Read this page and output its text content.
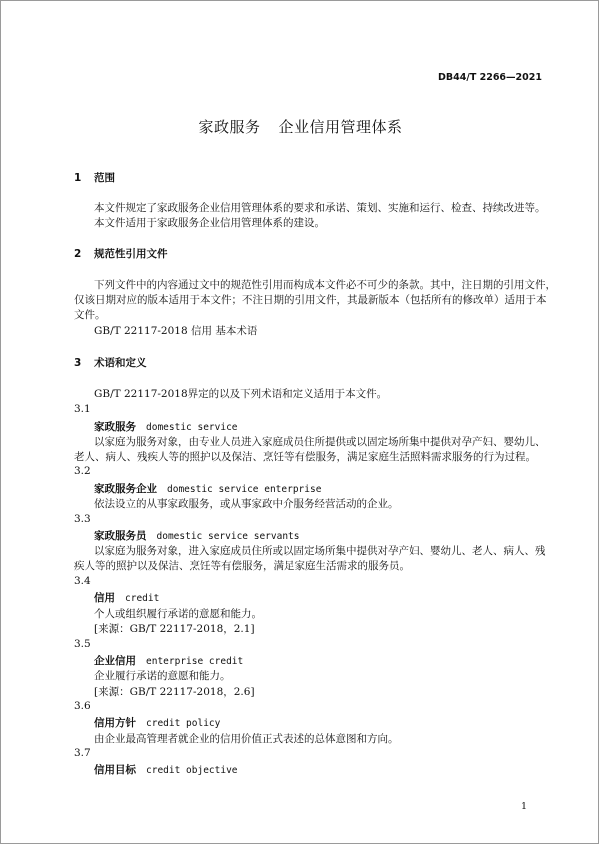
DB44/T 2266—2021
家政服务 企业信用管理体系
1 范围
本文件规定了家政服务企业信用管理体系的要求和承诺、策划、实施和运行、检查、持续改进等。
本文件适用于家政服务企业信用管理体系的建设。
2 规范性引用文件
下列文件中的内容通过文中的规范性引用而构成本文件必不可少的条款。其中，注日期的引用文件，
仅该日期对应的版本适用于本文件；不注日期的引用文件，其最新版本（包括所有的修改单）适用于本
文件。
GB/T 22117-2018 信用 基本术语
3 术语和定义
GB/T 22117-2018界定的以及下列术语和定义适用于本文件。
3.1
家政服务 domestic service
以家庭为服务对象，由专业人员进入家庭成员住所提供或以固定场所集中提供对孕产妇、婴幼儿、
老人、病人、残疾人等的照护以及保洁、烹饪等有偿服务，满足家庭生活照料需求服务的行为过程。
3.2
家政服务企业 domestic service enterprise
依法设立的从事家政服务，或从事家政中介服务经营活动的企业。
3.3
家政服务员 domestic service servants
以家庭为服务对象，进入家庭成员住所或以固定场所集中提供对孕产妇、婴幼儿、老人、病人、残
疾人等的照护以及保洁、烹饪等有偿服务，满足家庭生活需求的服务员。
3.4
信用 credit
个人或组织履行承诺的意愿和能力。
[来源：GB/T 22117-2018，2.1]
3.5
企业信用 enterprise credit
企业履行承诺的意愿和能力。
[来源：GB/T 22117-2018，2.6]
3.6
信用方针 credit policy
由企业最高管理者就企业的信用价值正式表述的总体意图和方向。
3.7
信用目标 credit objective
1
